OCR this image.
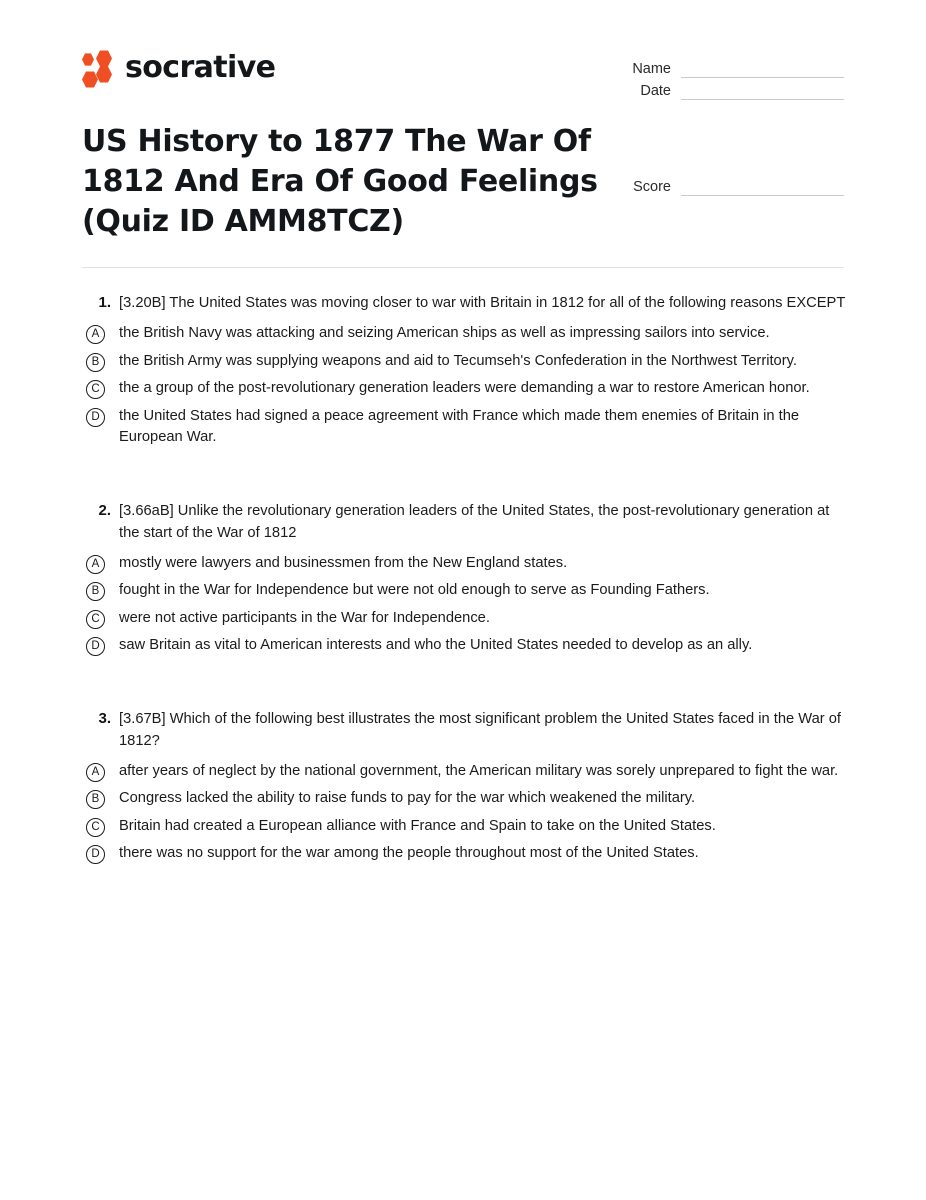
socrative	Name
Date
Score
US History to 1877 The War Of 1812 And Era Of Good Feelings (Quiz ID AMM8TCZ)
1. [3.20B] The United States was moving closer to war with Britain in 1812 for all of the following reasons EXCEPT
A	the British Navy was attacking and seizing American ships as well as impressing sailors into service.
B	the British Army was supplying weapons and aid to Tecumseh's Confederation in the Northwest Territory.
C	the a group of the post-revolutionary generation leaders were demanding a war to restore American honor.
D	the United States had signed a peace agreement with France which made them enemies of Britain in the European War.
2. [3.66aB] Unlike the revolutionary generation leaders of the United States, the post-revolutionary generation at the start of the War of 1812
A	mostly were lawyers and businessmen from the New England states.
B	fought in the War for Independence but were not old enough to serve as Founding Fathers.
C	were not active participants in the War for Independence.
D	saw Britain as vital to American interests and who the United States needed to develop as an ally.
3. [3.67B] Which of the following best illustrates the most significant problem the United States faced in the War of 1812?
A	after years of neglect by the national government, the American military was sorely unprepared to fight the war.
B	Congress lacked the ability to raise funds to pay for the war which weakened the military.
C	Britain had created a European alliance with France and Spain to take on the United States.
D	there was no support for the war among the people throughout most of the United States.
